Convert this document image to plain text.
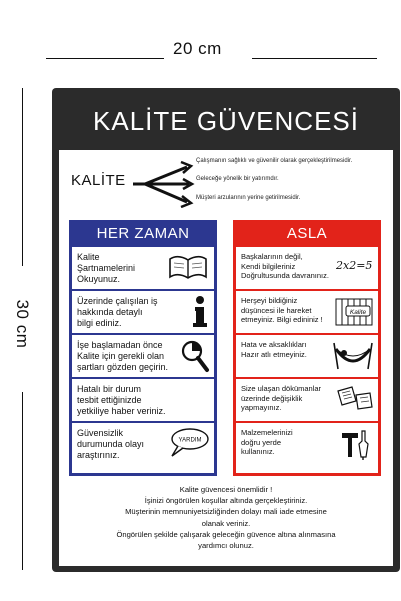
20 cm
30 cm
KALİTE GÜVENCESİ
KALİTE
Çalışmanın sağlıklı ve güvenilir olarak gerçekleştirilmesidir.
Geleceğe yönelik bir yatırımdır.
Müşteri arzularının yerine getirilmesidir.
HER ZAMAN
Kalite
Şartnamelerini
Okuyunuz.
Üzerinde çalışılan iş
hakkında detaylı
bilgi ediniz.
İşe başlamadan önce
Kalite için gerekli olan
şartları gözden geçirin.
Hatalı bir durum
tesbit ettiğinizde
yetkiliye haber veriniz.
Güvensizlik
durumunda olayı
araştırınız.
YARDIM
ASLA
Başkalarının değil,
Kendi bilgileriniz
Doğrultusunda davranınız.
2x2=5
Herşeyi bildiğiniz
düşüncesi ile hareket
etmeyiniz. Bilgi edininiz !
Kalite
Hata ve aksaklıkları
Hazır atlı etmeyiniz.
Size ulaşan dökümanlar
üzerinde değişiklik
yapmayınız.
Malzemelerinizi
doğru yerde
kullanınız.
Kalite güvencesi önemlidir !
İşinizi öngörülen koşullar altında gerçekleştiriniz.
Müşterinin memnuniyetsizliğinden dolayı mali iade etmesine
olanak veriniz.
Öngörülen şekilde çalışarak geleceğin güvence altına alınmasına
yardımcı olunuz.
